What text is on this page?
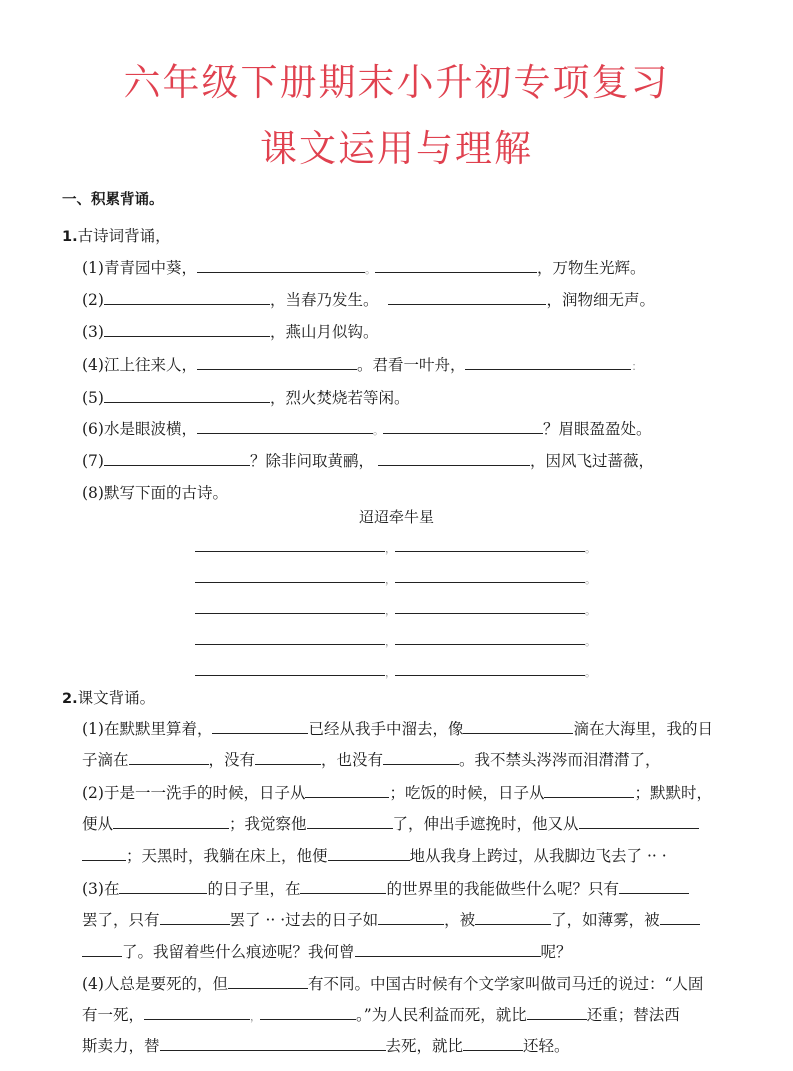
六年级下册期末小升初专项复习
课文运用与理解
一、积累背诵。
1.古诗词背诵，
(1)青青园中葵，	。	，万物生光辉。
(2)	，当春乃发生。	，润物细无声。
(3)	，燕山月似钩。
(4)江上往来人，	。君看一叶舟，	：
(5)	，烈火焚烧若等闲。
(6)水是眼波横，	。	？眉眼盈盈处。
(7)	？除非问取黄鹂，	，因风飞过蔷薇，
(8)默写下面的古诗。
迢迢牵牛星
，	。
，	。
，	。
，	。
，	。
2.课文背诵。
(1)在默默里算着，	已经从我手中溜去，像	滴在大海里，我的日
子滴在	，没有	，也没有	。我不禁头涔涔而泪潸潸了，
(2)于是一一洗手的时候，日子从	；吃饭的时候，日子从	；默默时，
便从	；我觉察他	了，伸出手遮挽时，他又从
；天黑时，我躺在床上，他便	地从我身上跨过，从我脚边飞去了 ·· ·
(3)在	的日子里，在	的世界里的我能做些什么呢？只有
罢了，只有	罢了 ·· ·过去的日子如	，被	了，如薄雾，被
了。我留着些什么痕迹呢？我何曾	呢？
(4)人总是要死的，但	有不同。中国古时候有个文学家叫做司马迁的说过：“人固
有一死，	，	。”为人民利益而死，就比	还重；替法西
斯卖力，替	去死，就比	还轻。
